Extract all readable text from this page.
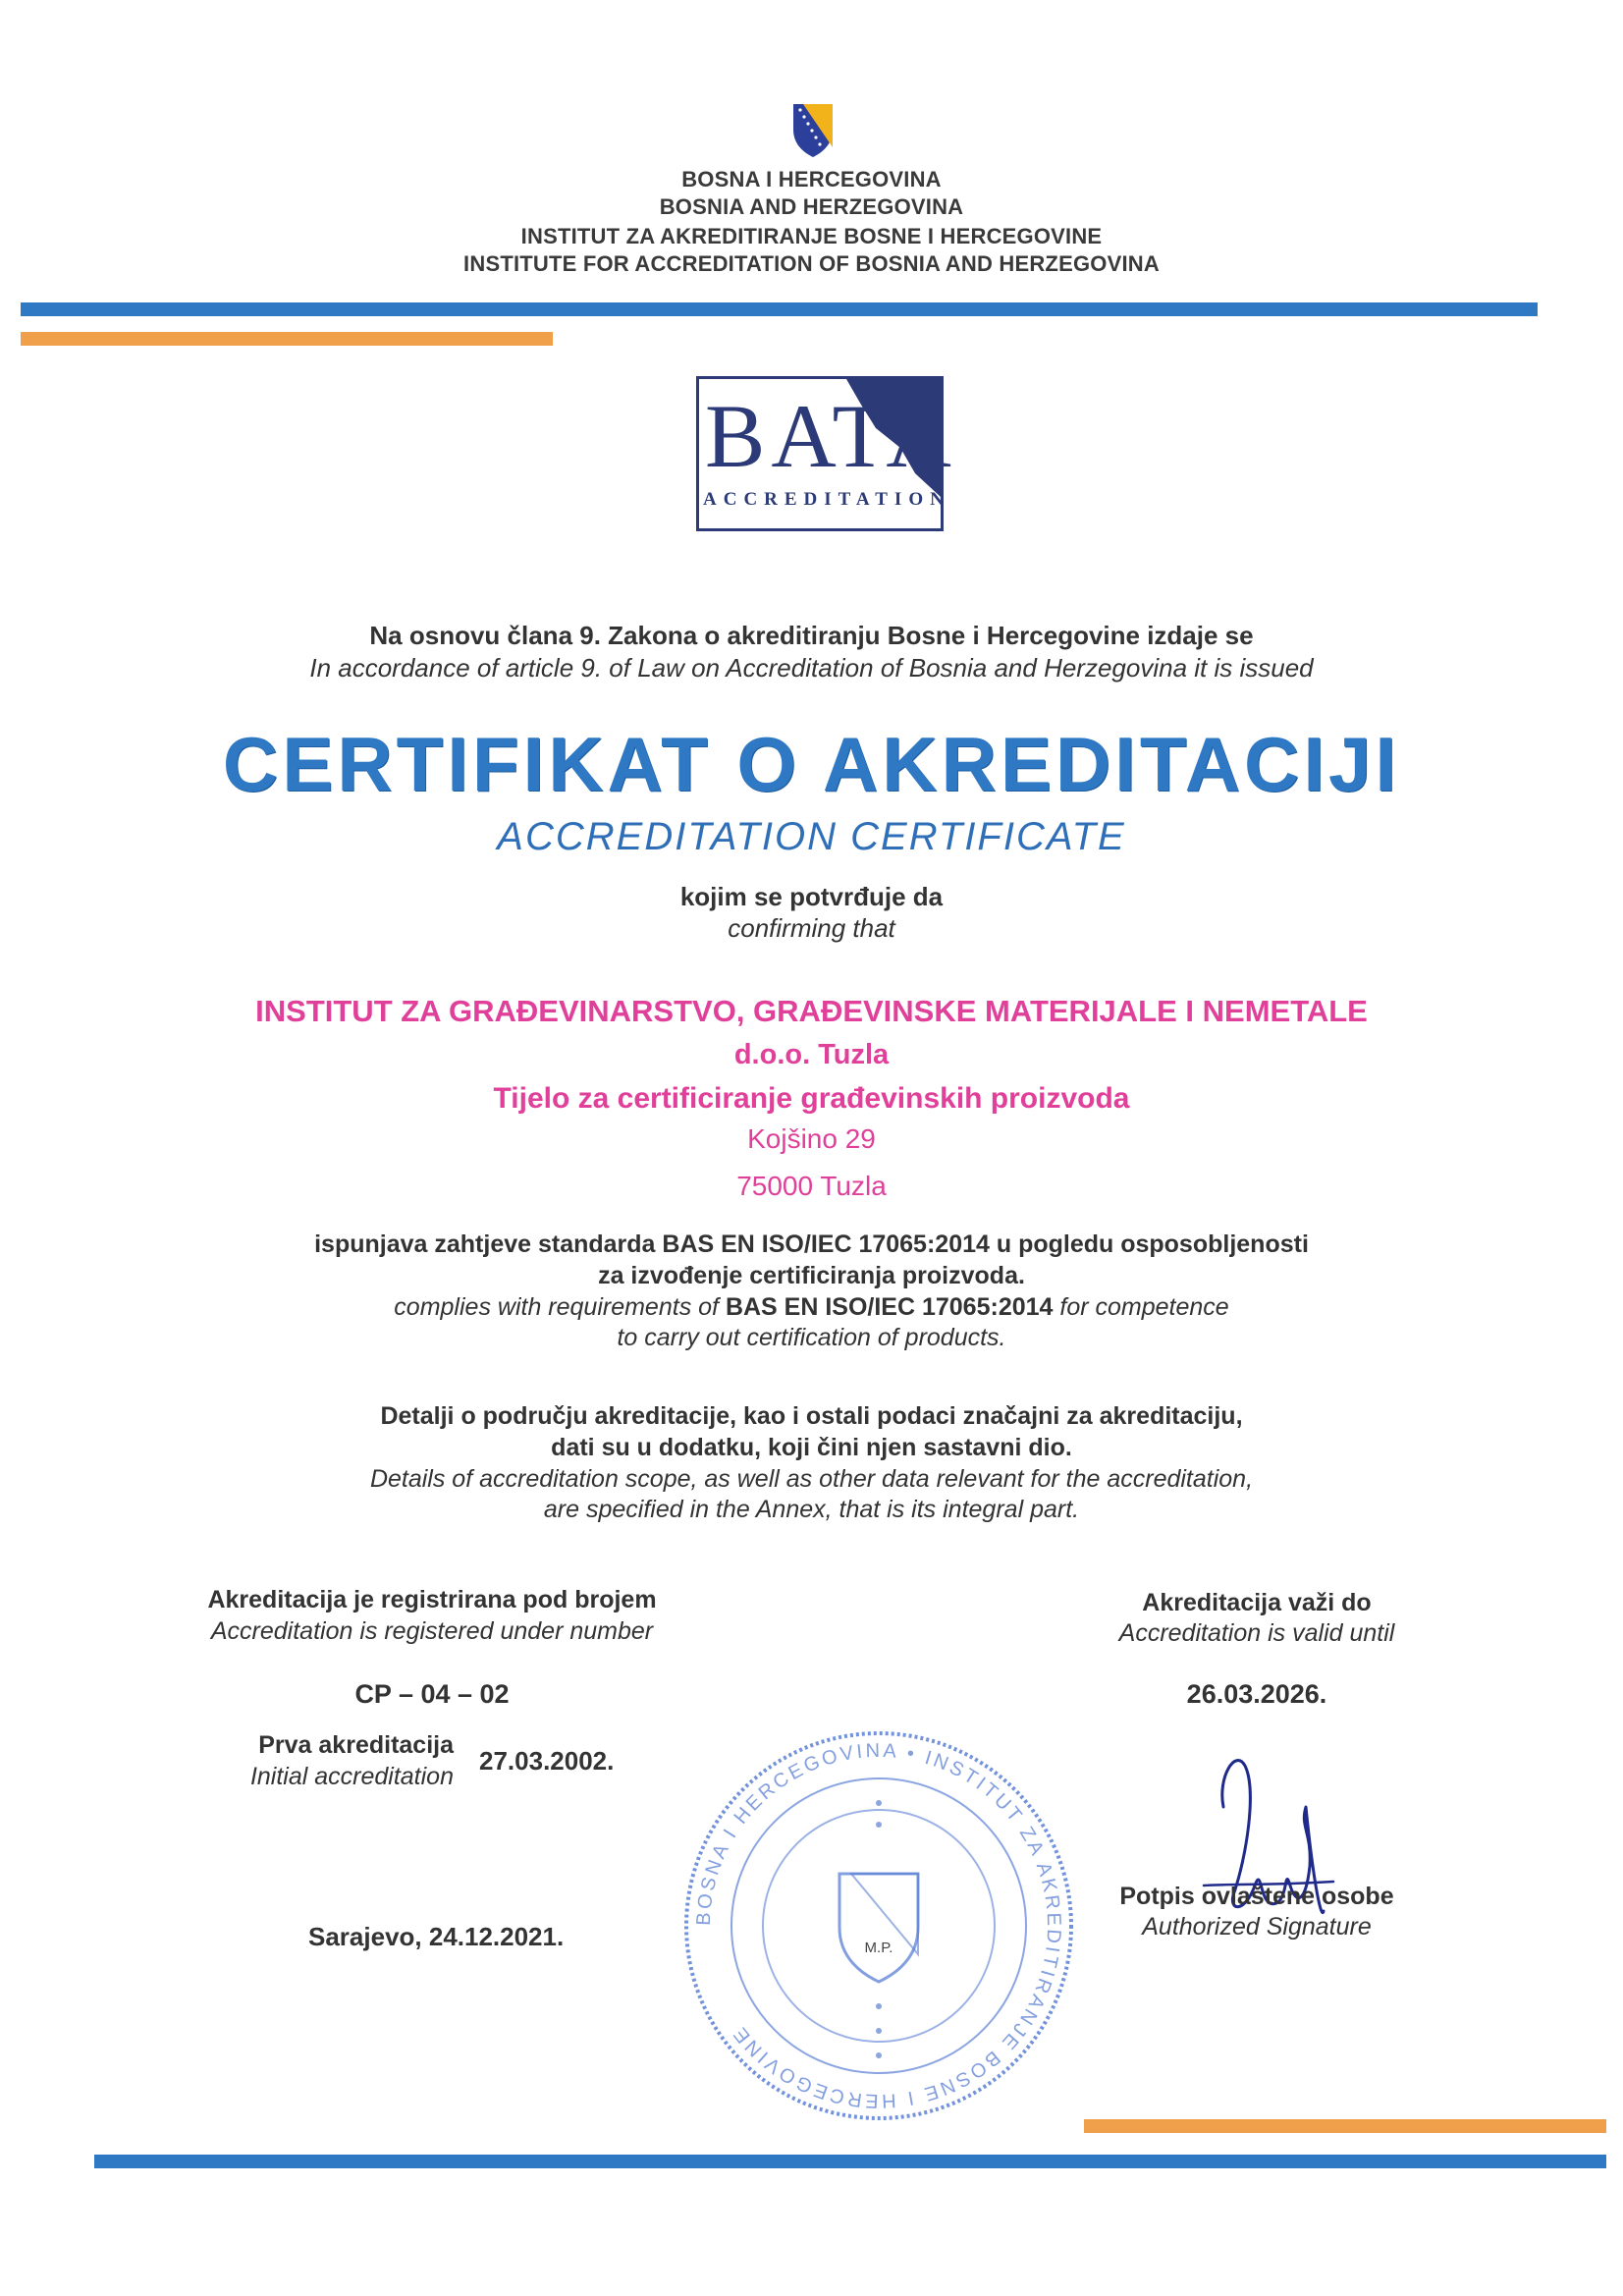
BOSNA I HERCEGOVINA
BOSNIA AND HERZEGOVINA
INSTITUT ZA AKREDITIRANJE BOSNE I HERCEGOVINE
INSTITUTE FOR ACCREDITATION OF BOSNIA AND HERZEGOVINA
BATA
ACCREDITATION
Na osnovu člana 9. Zakona o akreditiranju Bosne i Hercegovine izdaje se
In accordance of article 9. of Law on Accreditation of Bosnia and Herzegovina it is issued
CERTIFIKAT O AKREDITACIJI
ACCREDITATION CERTIFICATE
kojim se potvrđuje da
confirming that
INSTITUT ZA GRAĐEVINARSTVO, GRAĐEVINSKE MATERIJALE I NEMETALE
d.o.o. Tuzla
Tijelo za certificiranje građevinskih proizvoda
Kojšino 29
75000 Tuzla
ispunjava zahtjeve standarda BAS EN ISO/IEC 17065:2014 u pogledu osposobljenosti
za izvođenje certificiranja proizvoda.
complies with requirements of BAS EN ISO/IEC 17065:2014 for competence
to carry out certification of products.
Detalji o području akreditacije, kao i ostali podaci značajni za akreditaciju,
dati su u dodatku, koji čini njen sastavni dio.
Details of accreditation scope, as well as other data relevant for the accreditation,
are specified in the Annex, that is its integral part.
Akreditacija je registrirana pod brojem
Accreditation is registered under number
CP – 04 – 02
Akreditacija važi do
Accreditation is valid until
26.03.2026.
Prva akreditacija
Initial accreditation
27.03.2002.
Sarajevo, 24.12.2021.
BOSNA I HERCEGOVINA • INSTITUT ZA AKREDITIRANJE BOSNE I HERCEGOVINE
M.P.
Potpis ovlaštene osobe
Authorized Signature
